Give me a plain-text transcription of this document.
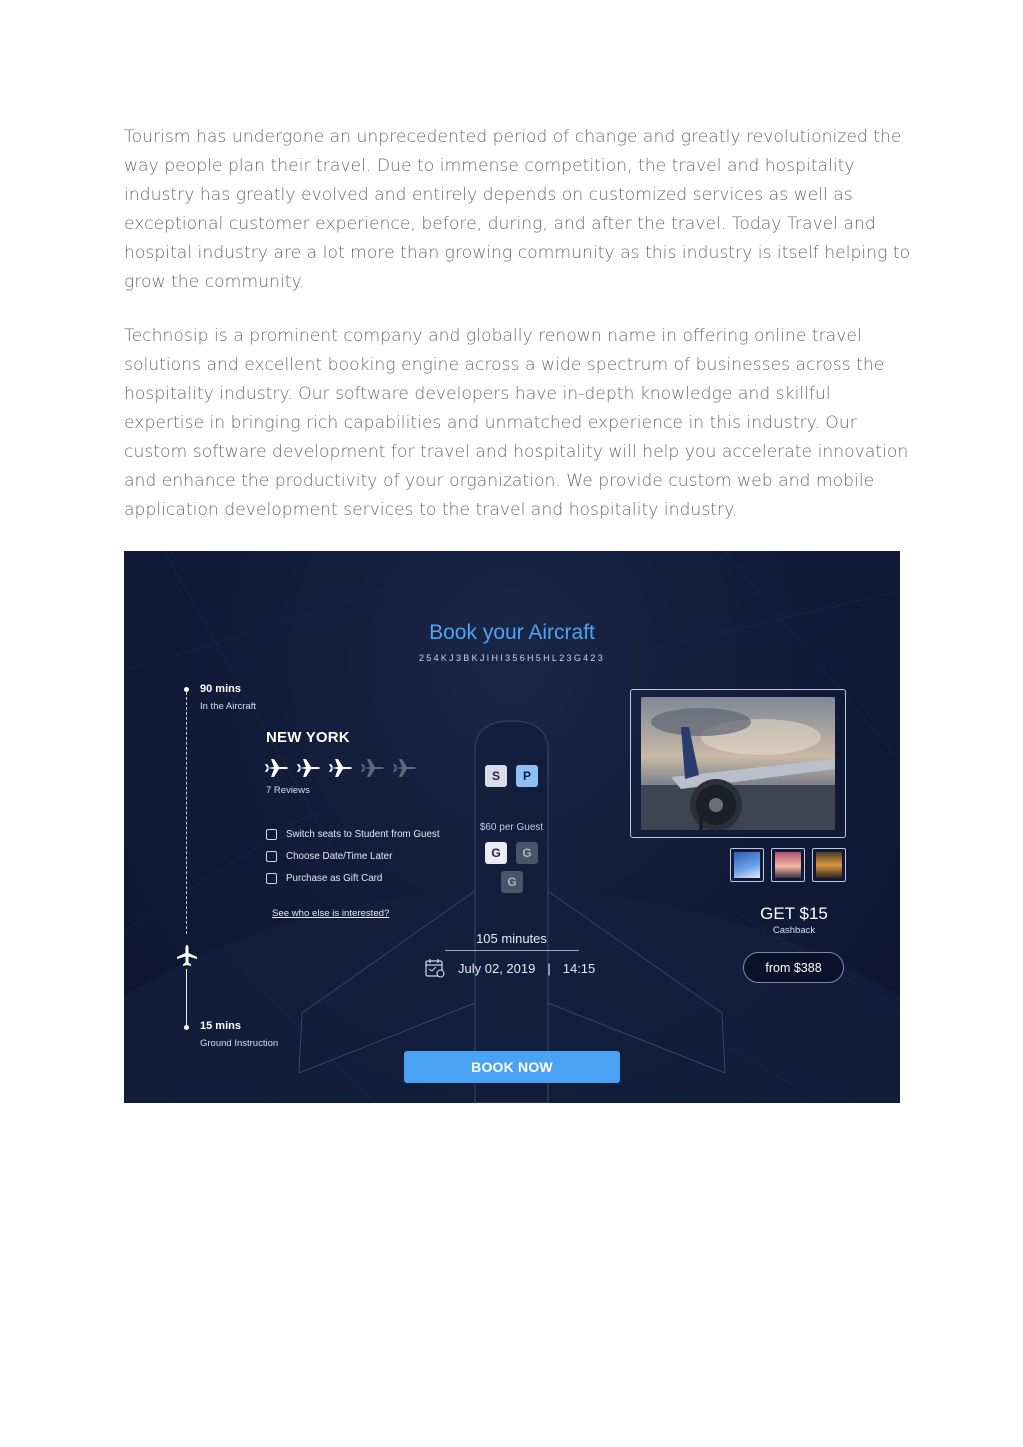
Tourism has undergone an unprecedented period of change and greatly revolutionized the way people plan their travel. Due to immense competition, the travel and hospitality industry has greatly evolved and entirely depends on customized services as well as exceptional customer experience, before, during, and after the travel. Today Travel and hospital industry are a lot more than growing community as this industry is itself helping to grow the community.

Technosip is a prominent company and globally renown name in offering online travel solutions and excellent booking engine across a wide spectrum of businesses across the hospitality industry. Our software developers have in-depth knowledge and skillful expertise in bringing rich capabilities and unmatched experience in this industry. Our custom software development for travel and hospitality will help you accelerate innovation and enhance the productivity of your organization. We provide custom web and mobile application development services to the travel and hospitality industry.

Book your Aircraft
254KJ3BKJIHI356H5HL23G423
90 mins
In the Aircraft
15 mins
Ground Instruction
NEW YORK
7 Reviews
Switch seats to Student from Guest
Choose Date/Time Later
Purchase as Gift Card
See who else is interested?
S	P
$60 per Guest
G	G
G
105 minutes
July 02, 2019 | 14:15
GET $15
Cashback
from $388
BOOK NOW
